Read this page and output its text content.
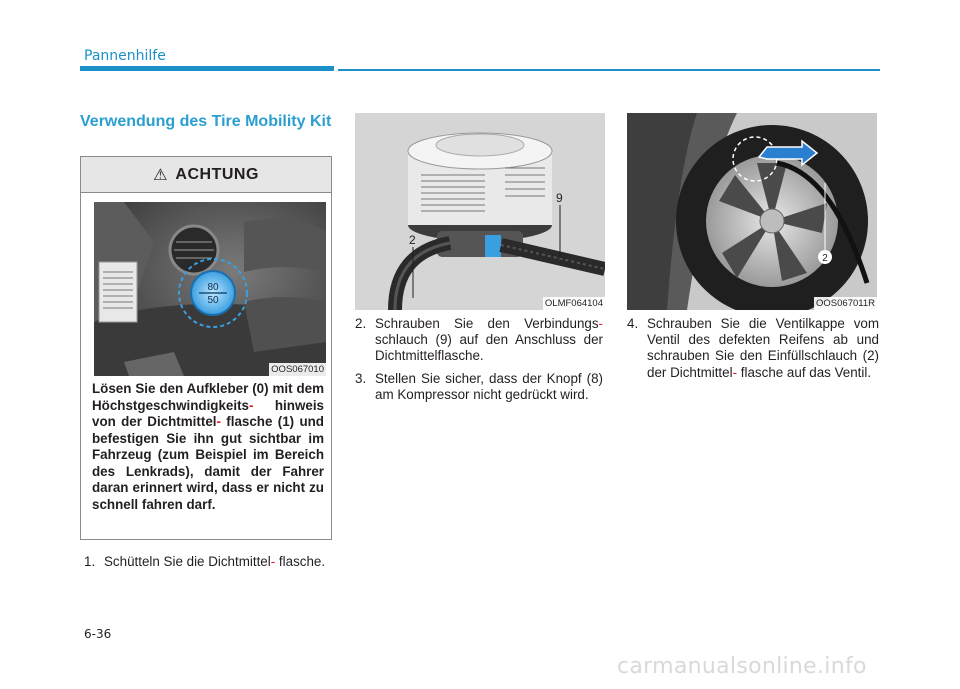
Pannenhilfe
Verwendung des Tire Mobility Kit
⚠ ACHTUNG
80
50
OOS067010
Lösen Sie den Aufkleber (0) mit dem Höchstgeschwindigkeits- hinweis von der Dichtmittel- flasche (1) und befestigen Sie ihn gut sichtbar im Fahrzeug (zum Beispiel im Bereich des Lenkrads), damit der Fahrer daran erinnert wird, dass er nicht zu schnell fahren darf.
1. Schütteln Sie die Dichtmittel- flasche.
2
9
OLMF064104
2
OOS067011R
2. Schrauben Sie den Verbindungs- schlauch (9) auf den Anschluss der Dichtmittelflasche.
3. Stellen Sie sicher, dass der Knopf (8) am Kompressor nicht gedrückt wird.
4. Schrauben Sie die Ventilkappe vom Ventil des defekten Reifens ab und schrauben Sie den Einfüllschlauch (2) der Dichtmittel- flasche auf das Ventil.
6-36
carmanualsonline.info
